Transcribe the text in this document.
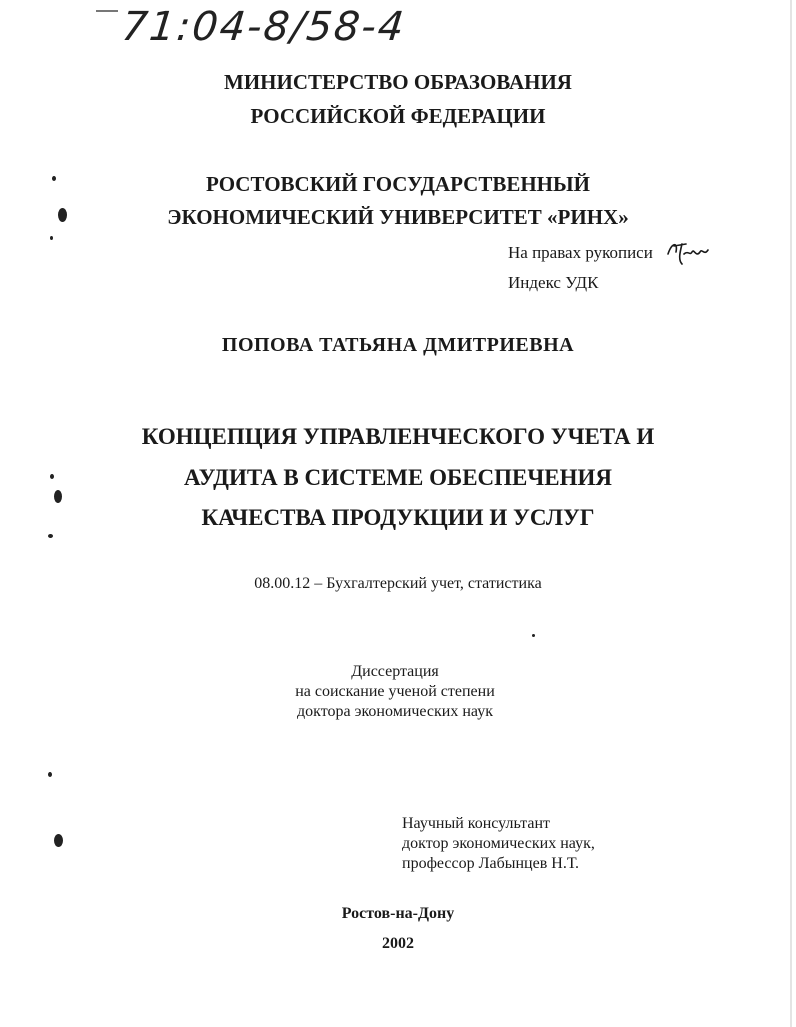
71:04-8/58-4
МИНИСТЕРСТВО ОБРАЗОВАНИЯ
РОССИЙСКОЙ ФЕДЕРАЦИИ
РОСТОВСКИЙ ГОСУДАРСТВЕННЫЙ
ЭКОНОМИЧЕСКИЙ УНИВЕРСИТЕТ «РИНХ»
На правах рукописи
Индекс УДК
ПОПОВА ТАТЬЯНА ДМИТРИЕВНА
КОНЦЕПЦИЯ УПРАВЛЕНЧЕСКОГО УЧЕТА И
АУДИТА В СИСТЕМЕ ОБЕСПЕЧЕНИЯ
КАЧЕСТВА ПРОДУКЦИИ И УСЛУГ
08.00.12 – Бухгалтерский учет, статистика
Диссертация
на соискание ученой степени
доктора экономических наук
Научный консультант
доктор экономических наук,
профессор Лабынцев Н.Т.
Ростов-на-Дону
2002
